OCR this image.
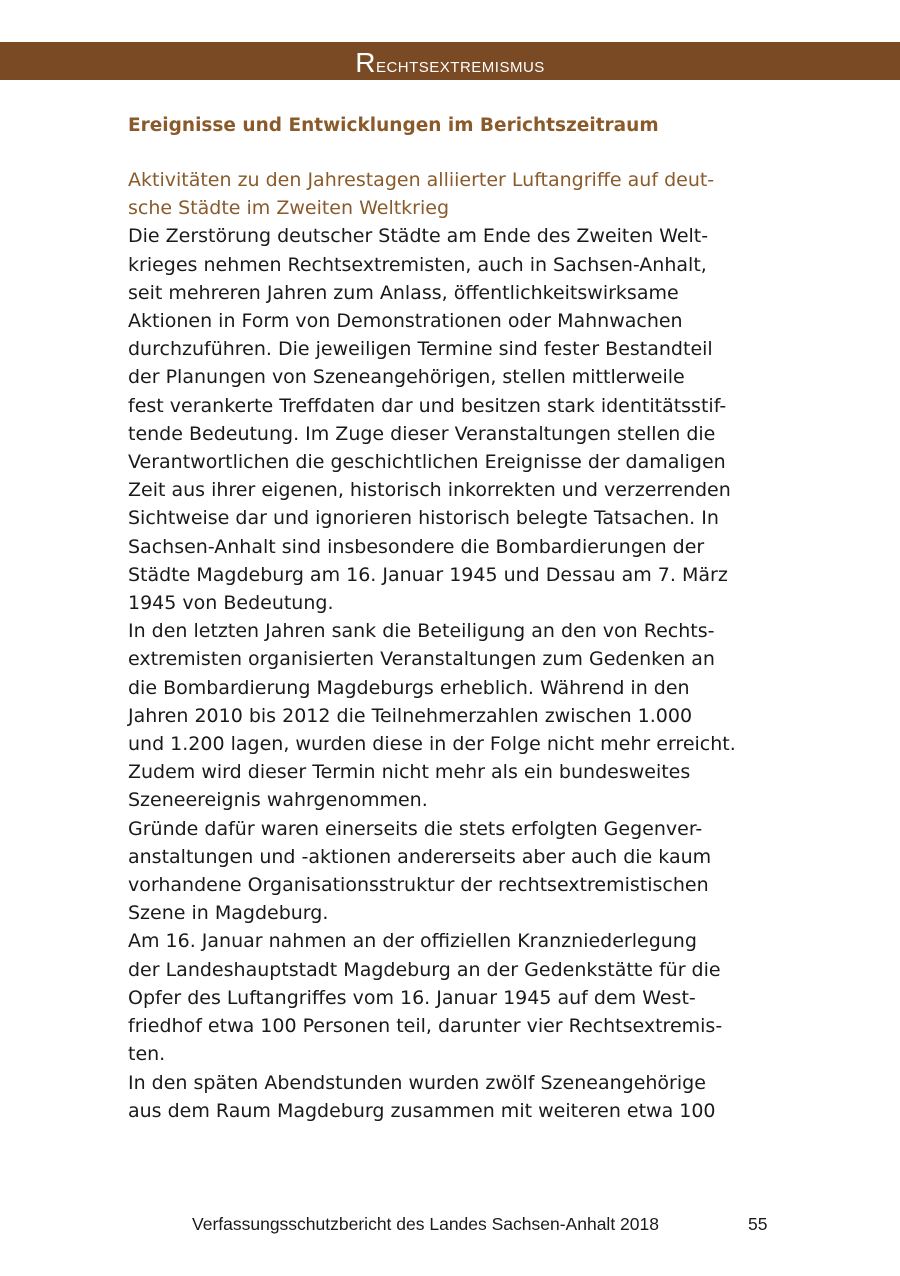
Rechtsextremismus
Ereignisse und Entwicklungen im Berichtszeitraum
Aktivitäten zu den Jahrestagen alliierter Luftangriffe auf deut-
sche Städte im Zweiten Weltkrieg

Die Zerstörung deutscher Städte am Ende des Zweiten Welt-
krieges nehmen Rechtsextremisten, auch in Sachsen-Anhalt,
seit mehreren Jahren zum Anlass, öffentlichkeitswirksame
Aktionen in Form von Demonstrationen oder Mahnwachen
durchzuführen. Die jeweiligen Termine sind fester Bestandteil
der Planungen von Szeneangehörigen, stellen mittlerweile
fest verankerte Treffdaten dar und besitzen stark identitätsstif-
tende Bedeutung. Im Zuge dieser Veranstaltungen stellen die
Verantwortlichen die geschichtlichen Ereignisse der damaligen
Zeit aus ihrer eigenen, historisch inkorrekten und verzerrenden
Sichtweise dar und ignorieren historisch belegte Tatsachen. In
Sachsen-Anhalt sind insbesondere die Bombardierungen der
Städte Magdeburg am 16. Januar 1945 und Dessau am 7. März
1945 von Bedeutung.

In den letzten Jahren sank die Beteiligung an den von Rechts-
extremisten organisierten Veranstaltungen zum Gedenken an
die Bombardierung Magdeburgs erheblich. Während in den
Jahren 2010 bis 2012 die Teilnehmerzahlen zwischen 1.000
und 1.200 lagen, wurden diese in der Folge nicht mehr erreicht.
Zudem wird dieser Termin nicht mehr als ein bundesweites
Szeneereignis wahrgenommen.

Gründe dafür waren einerseits die stets erfolgten Gegenver-
anstaltungen und -aktionen andererseits aber auch die kaum
vorhandene Organisationsstruktur der rechtsextremistischen
Szene in Magdeburg.

Am 16. Januar nahmen an der offiziellen Kranzniederlegung
der Landeshauptstadt Magdeburg an der Gedenkstätte für die
Opfer des Luftangriffes vom 16. Januar 1945 auf dem West-
friedhof etwa 100 Personen teil, darunter vier Rechtsextremis-
ten.

In den späten Abendstunden wurden zwölf Szeneangehörige
aus dem Raum Magdeburg zusammen mit weiteren etwa 100

Verfassungsschutzbericht des Landes Sachsen-Anhalt 2018	55
